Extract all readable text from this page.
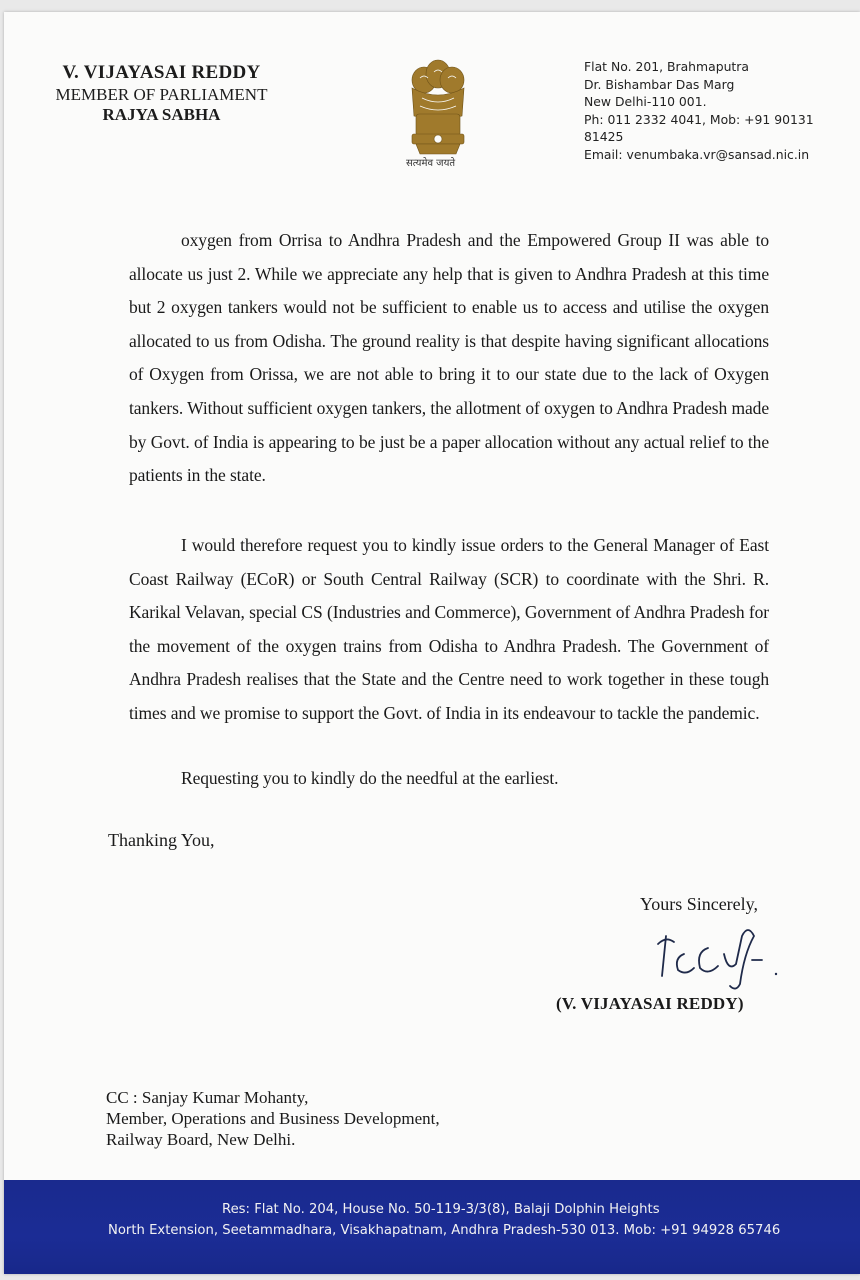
V. VIJAYASAI REDDY
MEMBER OF PARLIAMENT
RAJYA SABHA
सत्यमेव जयते
Flat No. 201, Brahmaputra
Dr. Bishambar Das Marg
New Delhi-110 001.
Ph: 011 2332 4041, Mob: +91 90131 81425
Email: venumbaka.vr@sansad.nic.in
oxygen from Orrisa to Andhra Pradesh and the Empowered Group II was able to allocate us just 2. While we appreciate any help that is given to Andhra Pradesh at this time but 2 oxygen tankers would not be sufficient to enable us to access and utilise the oxygen allocated to us from Odisha. The ground reality is that despite having significant allocations of Oxygen from Orissa, we are not able to bring it to our state due to the lack of Oxygen tankers. Without sufficient oxygen tankers, the allotment of oxygen to Andhra Pradesh made by Govt. of India is appearing to be just be a paper allocation without any actual relief to the patients in the state.
I would therefore request you to kindly issue orders to the General Manager of East Coast Railway (ECoR) or South Central Railway (SCR) to coordinate with the Shri. R. Karikal Velavan, special CS (Industries and Commerce), Government of Andhra Pradesh for the movement of the oxygen trains from Odisha to Andhra Pradesh. The Government of Andhra Pradesh realises that the State and the Centre need to work together in these tough times and we promise to support the Govt. of India in its endeavour to tackle the pandemic.
Requesting you to kindly do the needful at the earliest.
Thanking You,
Yours Sincerely,
(V. VIJAYASAI REDDY)
CC : Sanjay Kumar Mohanty,
Member, Operations and Business Development,
Railway Board, New Delhi.
Res: Flat No. 204, House No. 50-119-3/3(8), Balaji Dolphin Heights
North Extension, Seetammadhara, Visakhapatnam, Andhra Pradesh-530 013. Mob: +91 94928 65746
